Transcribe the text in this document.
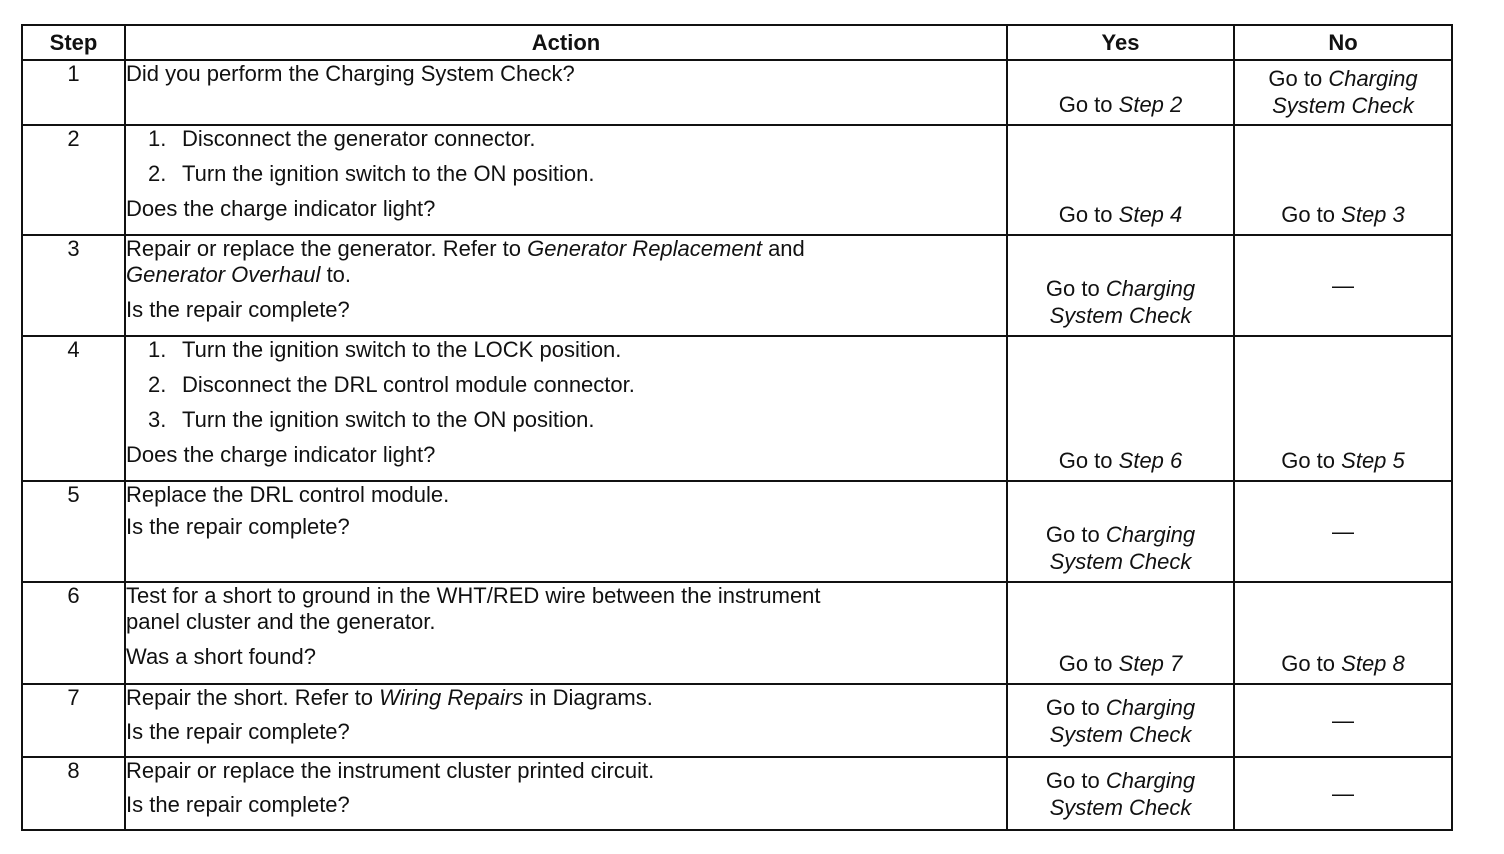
Step	Action	Yes	No
1	Did you perform the Charging System Check?	Go to Step 2	Go to Charging
System Check

2	1. Disconnect the generator connector.
2. Turn the ignition switch to the ON position.
Does the charge indicator light?	Go to Step 4	Go to Step 3

3	Repair or replace the generator. Refer to Generator Replacement and
Generator Overhaul to.
Is the repair complete?	Go to Charging
System Check	—

4	1. Turn the ignition switch to the LOCK position.
2. Disconnect the DRL control module connector.
3. Turn the ignition switch to the ON position.
Does the charge indicator light?	Go to Step 6	Go to Step 5

5	Replace the DRL control module.
Is the repair complete?	Go to Charging
System Check	—

6	Test for a short to ground in the WHT/RED wire between the instrument
panel cluster and the generator.
Was a short found?	Go to Step 7	Go to Step 8

7	Repair the short. Refer to Wiring Repairs in Diagrams.
Is the repair complete?	Go to Charging
System Check	—

8	Repair or replace the instrument cluster printed circuit.
Is the repair complete?	Go to Charging
System Check	—
